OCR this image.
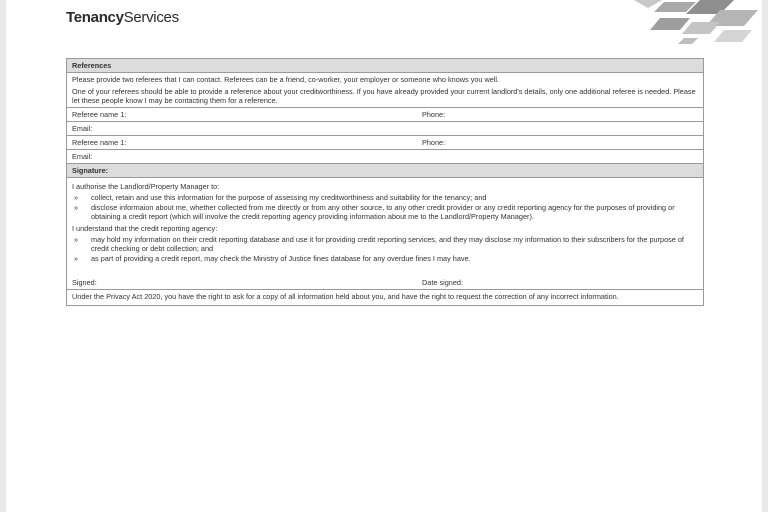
TenancyServices
References

Please provide two referees that I can contact. Referees can be a friend, co-worker, your employer or someone who knows you well.

One of your referees should be able to provide a reference about your creditworthiness. If you have already provided your current landlord's details, only one additional referee is needed. Please let these people know I may be contacting them for a reference.

Referee name 1:	Phone:
Email:
Referee name 1:	Phone:
Email:
Signature:

I authorise the Landlord/Property Manager to:

»	collect, retain and use this information for the purpose of assessing my creditworthiness and suitability for the tenancy; and
»	disclose informaion about me, whether collected from me directly or from any other source, to any other credit provider or any credit reporting agency for the purposes of providing or obtaining a credit report (which will involve the credit reporting agency providing information about me to the Landlord/Property Manager).

I understand that the credit reporting agency:

»	may hold my information on their credit reporting database and use it for providing credit reporting services, and they may disclose my information to their subscribers for the purpose of credit checking or debt collection; and
»	as part of providing a credit report, may check the Ministry of Justice fines database for any overdue fines I may have.
Signed:	Date signed:
Under the Privacy Act 2020, you have the right to ask for a copy of all information held about you, and have the right to request the correction of any incorrect information.
